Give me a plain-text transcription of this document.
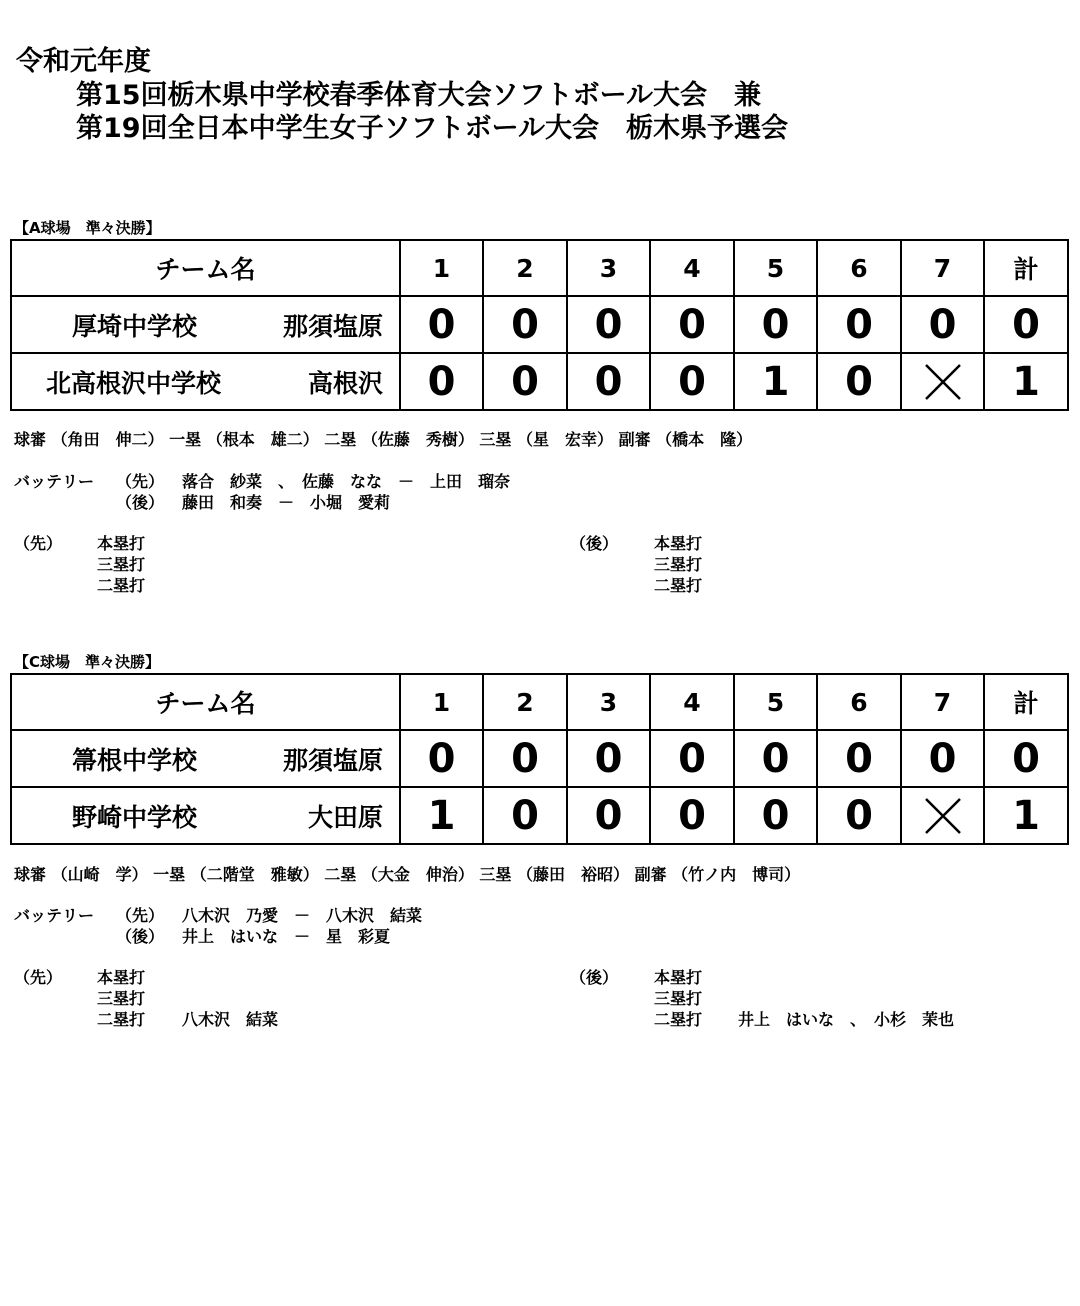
令和元年度
第15回栃木県中学校春季体育大会ソフトボール大会　兼
第19回全日本中学生女子ソフトボール大会　栃木県予選会
【A球場　準々決勝】
チーム名	1	2	3	4	5	6	7	計

厚埼中学校 那須塩原	0	0	0	0	0	0	0	0

北高根沢中学校 高根沢	0	0	0	0	1	0		1
球審 （角田　伸二） 一塁 （根本　雄二） 二塁 （佐藤　秀樹） 三塁 （星　宏幸） 副審 （橋本　隆）
バッテリー （先） 落合　紗菜　、　佐藤　なな　－　上田　瑠奈
（後） 藤田　和奏　－　小堀　愛莉
（先） 本塁打
三塁打
二塁打
（後） 本塁打
三塁打
二塁打
【C球場　準々決勝】
チーム名	1	2	3	4	5	6	7	計

箒根中学校 那須塩原	0	0	0	0	0	0	0	0

野崎中学校 大田原	1	0	0	0	0	0		1
球審 （山崎　学） 一塁 （二階堂　雅敏） 二塁 （大金　伸治） 三塁 （藤田　裕昭） 副審 （竹ノ内　博司）
バッテリー （先） 八木沢　乃愛　－　八木沢　結菜
（後） 井上　はいな　－　星　彩夏
（先） 本塁打
三塁打
二塁打 八木沢　結菜
（後） 本塁打
三塁打
二塁打 井上　はいな　、　小杉　茉也
